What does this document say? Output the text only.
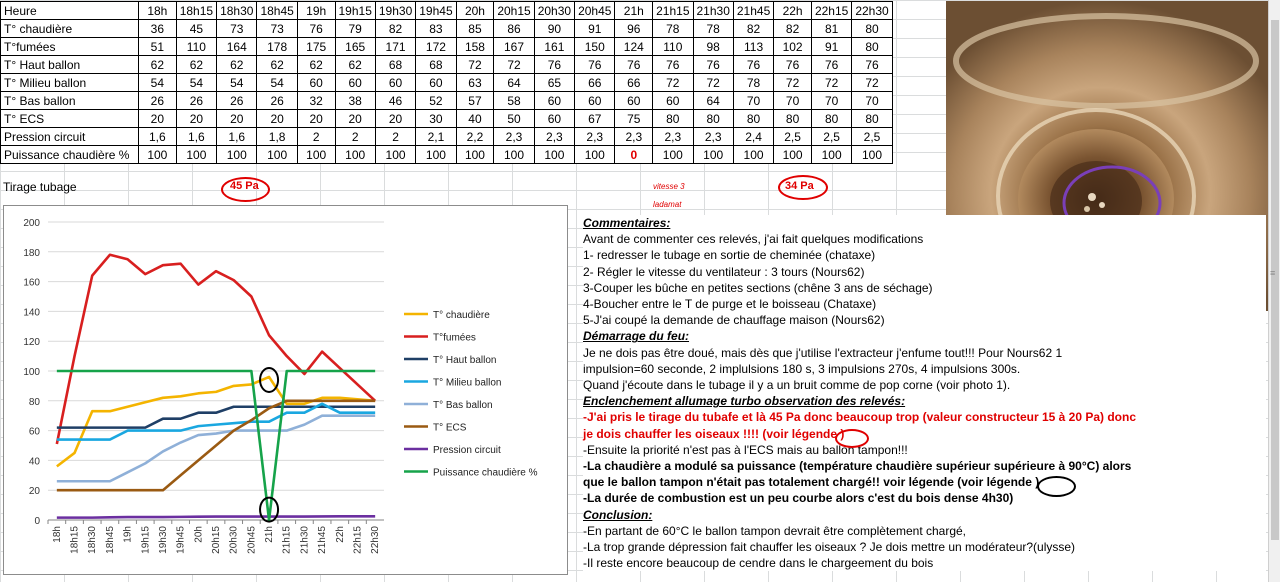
Heure	18h	18h15	18h30	18h45	19h	19h15	19h30	19h45	20h	20h15	20h30	20h45	21h	21h15	21h30	21h45	22h	22h15	22h30
T° chaudière	36	45	73	73	76	79	82	83	85	86	90	91	96	78	78	82	82	81	80
T°fumées	51	110	164	178	175	165	171	172	158	167	161	150	124	110	98	113	102	91	80
T° Haut ballon	62	62	62	62	62	62	68	68	72	72	76	76	76	76	76	76	76	76	76
T° Milieu ballon	54	54	54	54	60	60	60	60	63	64	65	66	66	72	72	78	72	72	72
T° Bas ballon	26	26	26	26	32	38	46	52	57	58	60	60	60	60	64	70	70	70	70
T° ECS	20	20	20	20	20	20	20	30	40	50	60	67	75	80	80	80	80	80	80
Pression circuit	1,6	1,6	1,6	1,8	2	2	2	2,1	2,2	2,3	2,3	2,3	2,3	2,3	2,3	2,4	2,5	2,5	2,5
Puissance chaudière %	100	100	100	100	100	100	100	100	100	100	100	100	0	100	100	100	100	100	100
Tirage tubage	45 Pa	34 Pa
vitesse 3
ladamat
0
20
40
60
80
100
120
140
160
180
200
18h 18h15 18h30 18h45 19h 19h15 19h30 19h45 20h 20h15 20h30 20h45 21h 21h15 21h30 21h45 22h 22h15 22h30
T° chaudière
T°fumées
T° Haut ballon
T° Milieu ballon
T° Bas ballon
T° ECS
Pression circuit
Puissance chaudière %
Commentaires:
Avant de commenter ces relevés, j'ai fait quelques modifications
1- redresser le tubage en sortie de cheminée (chataxe)
2- Régler le vitesse du ventilateur : 3 tours (Nours62)
3-Couper les bûche en petites sections (chêne 3 ans de séchage)
4-Boucher entre le T de purge et le boisseau (Chataxe)
5-J'ai coupé la demande de chauffage maison (Nours62)
Démarrage du feu:
Je ne dois pas être doué, mais dès que j'utilise l'extracteur j'enfume tout!!! Pour Nours62 1
impulsion=60 seconde, 2 implulsions 180 s, 3 impulsions 270s, 4 impulsions 300s.
Quand j'écoute dans le tubage il y a un bruit comme de pop corne (voir photo 1).
Enclenchement allumage turbo observation des relevés:
-J'ai pris le tirage du tubafe et là 45 Pa donc beaucoup trop (valeur constructeur 15 à 20 Pa) donc
je dois chauffer les oiseaux !!!! (voir légende )
-Ensuite la priorité n'est pas à l'ECS mais au ballon tampon!!!
-La chaudière a modulé sa puissance (température chaudière supérieur supérieure à 90°C) alors
que le ballon tampon n'était pas totalement chargé!! voir légende (voir légende )
-La durée de combustion est un peu courbe alors c'est du bois dense 4h30)
Conclusion:
-En partant de 60°C le ballon tampon devrait être complètement chargé,
-La trop grande dépression fait chauffer les oiseaux ? Je dois mettre un modérateur?(ulysse)
-Il reste encore beaucoup de cendre dans le chargeement du bois
≡
